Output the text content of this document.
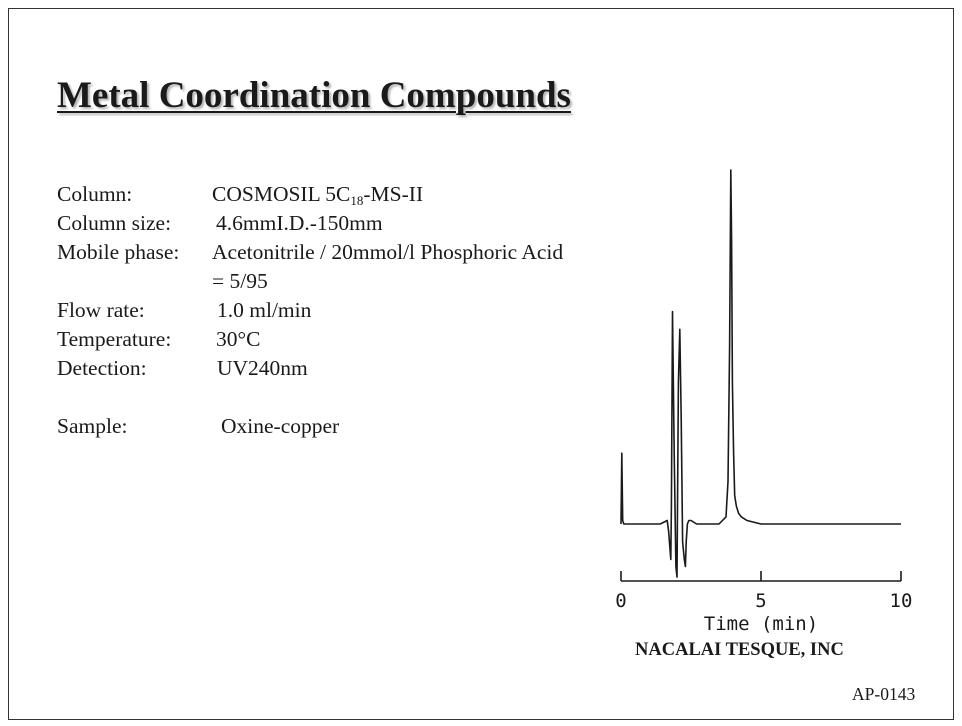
Metal Coordination Compounds
Column:	COSMOSIL $5C_{18}-MS-II$
Column size: 4.6mmI.D.-150mm
Mobile phase: Acetonitrile / 20mmol/l Phosphoric Acid
= 5/95
Flow rate:	1.0 ml/min
Temperature: 30°C
Detection:	UV240nm
Sample:	Oxine-copper
0	5	10
Time (min)
NACALAI TESQUE, INC
AP-0143
